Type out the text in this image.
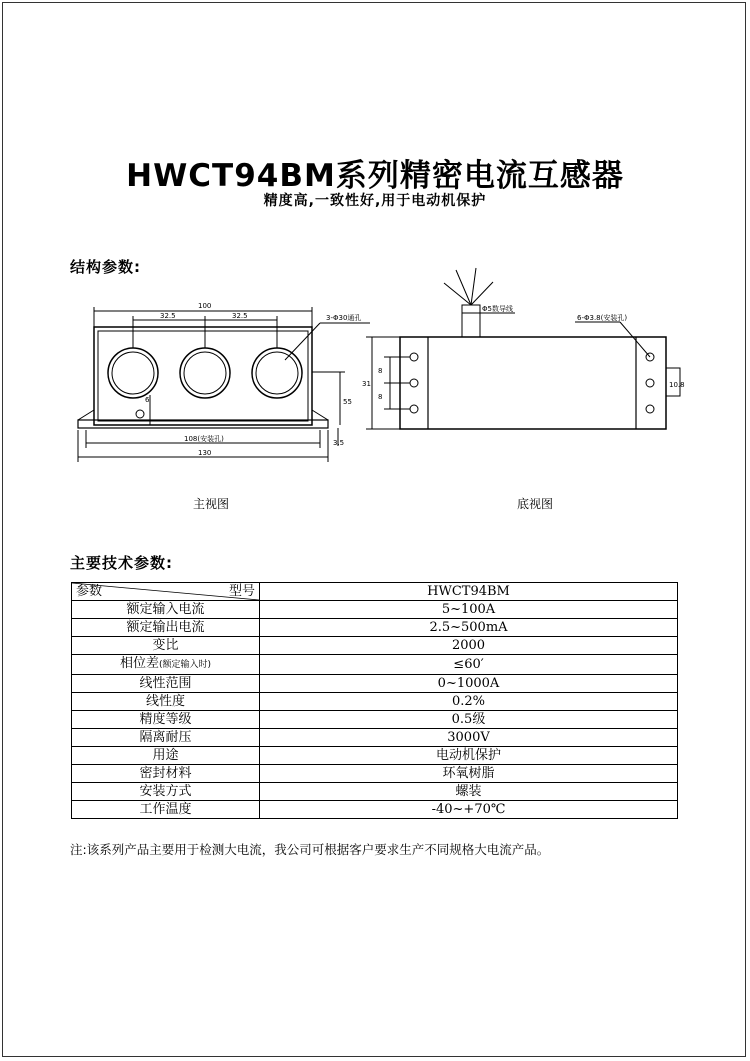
HWCT94BM系列精密电流互感器
精度高,一致性好,用于电动机保护
结构参数:
100
32.5	32.5	3-Φ30通孔
108(安装孔)
130
55
3.5
6
Φ5数导线
6-Φ3.8(安装孔)
31
8
8
10.8
主视图	底视图
主要技术参数:
参数 型号	HWCT94BM
额定输入电流	5~100A
额定输出电流	2.5~500mA
变比	2000
相位差(额定输入时)	≤60′
线性范围	0~1000A
线性度	0.2%
精度等级	0.5级
隔离耐压	3000V
用途	电动机保护
密封材料	环氧树脂
安装方式	螺装
工作温度	-40~+70℃
注:该系列产品主要用于检测大电流，我公司可根据客户要求生产不同规格大电流产品。
